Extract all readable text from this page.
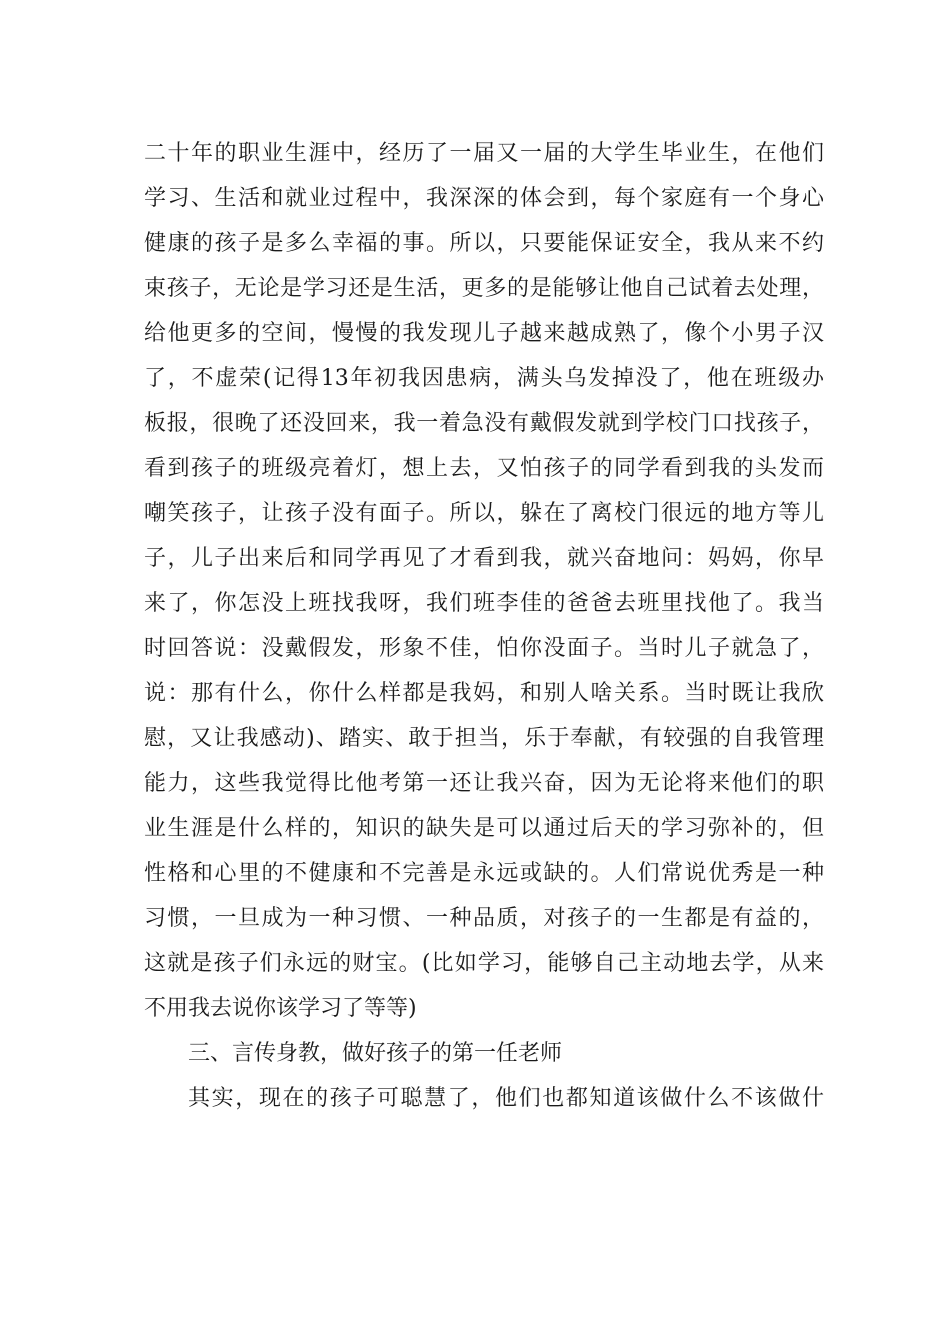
二十年的职业生涯中，经历了一届又一届的大学生毕业生，在他们
学习、生活和就业过程中，我深深的体会到，每个家庭有一个身心
健康的孩子是多么幸福的事。所以，只要能保证安全，我从来不约
束孩子，无论是学习还是生活，更多的是能够让他自己试着去处理，
给他更多的空间，慢慢的我发现儿子越来越成熟了，像个小男子汉
了，不虚荣(记得13年初我因患病，满头乌发掉没了，他在班级办
板报，很晚了还没回来，我一着急没有戴假发就到学校门口找孩子，
看到孩子的班级亮着灯，想上去，又怕孩子的同学看到我的头发而
嘲笑孩子，让孩子没有面子。所以，躲在了离校门很远的地方等儿
子，儿子出来后和同学再见了才看到我，就兴奋地问：妈妈，你早
来了，你怎没上班找我呀，我们班李佳的爸爸去班里找他了。我当
时回答说：没戴假发，形象不佳，怕你没面子。当时儿子就急了，
说：那有什么，你什么样都是我妈，和别人啥关系。当时既让我欣
慰，又让我感动)、踏实、敢于担当，乐于奉献，有较强的自我管理
能力，这些我觉得比他考第一还让我兴奋，因为无论将来他们的职
业生涯是什么样的，知识的缺失是可以通过后天的学习弥补的，但
性格和心里的不健康和不完善是永远或缺的。人们常说优秀是一种
习惯，一旦成为一种习惯、一种品质，对孩子的一生都是有益的，
这就是孩子们永远的财宝。(比如学习，能够自己主动地去学，从来
不用我去说你该学习了等等)
三、言传身教，做好孩子的第一任老师
其实，现在的孩子可聪慧了，他们也都知道该做什么不该做什
